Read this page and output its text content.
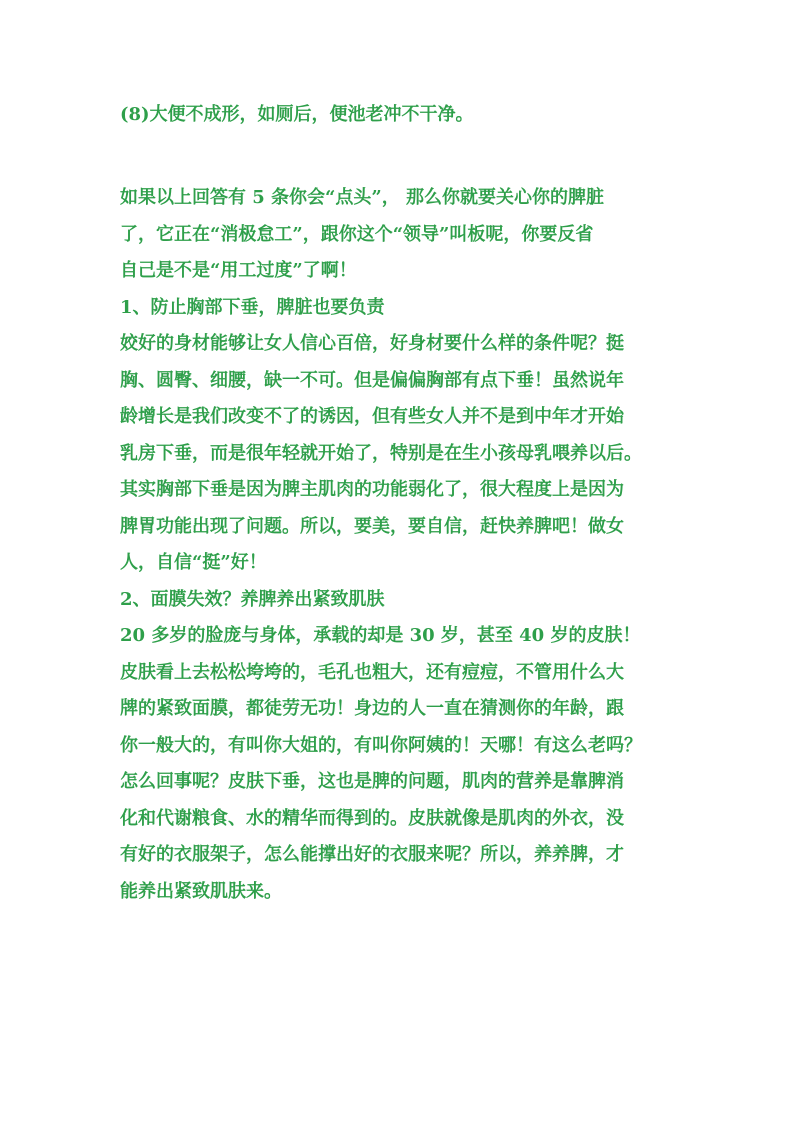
(8)大便不成形，如厕后，便池老冲不干净。
如果以上回答有 5 条你会“点头”， 那么你就要关心你的脾脏
了，它正在“消极怠工”，跟你这个“领导”叫板呢，你要反省
自己是不是“用工过度”了啊！
1、防止胸部下垂，脾脏也要负责
姣好的身材能够让女人信心百倍，好身材要什么样的条件呢？挺
胸、圆臀、细腰，缺一不可。但是偏偏胸部有点下垂！虽然说年
龄增长是我们改变不了的诱因，但有些女人并不是到中年才开始
乳房下垂，而是很年轻就开始了，特别是在生小孩母乳喂养以后。
其实胸部下垂是因为脾主肌肉的功能弱化了，很大程度上是因为
脾胃功能出现了问题。所以，要美，要自信，赶快养脾吧！做女
人，自信“挺”好！
2、面膜失效？养脾养出紧致肌肤
20 多岁的脸庞与身体，承载的却是 30 岁，甚至 40 岁的皮肤！
皮肤看上去松松垮垮的，毛孔也粗大，还有痘痘，不管用什么大
牌的紧致面膜，都徒劳无功！身边的人一直在猜测你的年龄，跟
你一般大的，有叫你大姐的，有叫你阿姨的！天哪！有这么老吗？
怎么回事呢？皮肤下垂，这也是脾的问题，肌肉的营养是靠脾消
化和代谢粮食、水的精华而得到的。皮肤就像是肌肉的外衣，没
有好的衣服架子，怎么能撑出好的衣服来呢？所以，养养脾，才
能养出紧致肌肤来。
